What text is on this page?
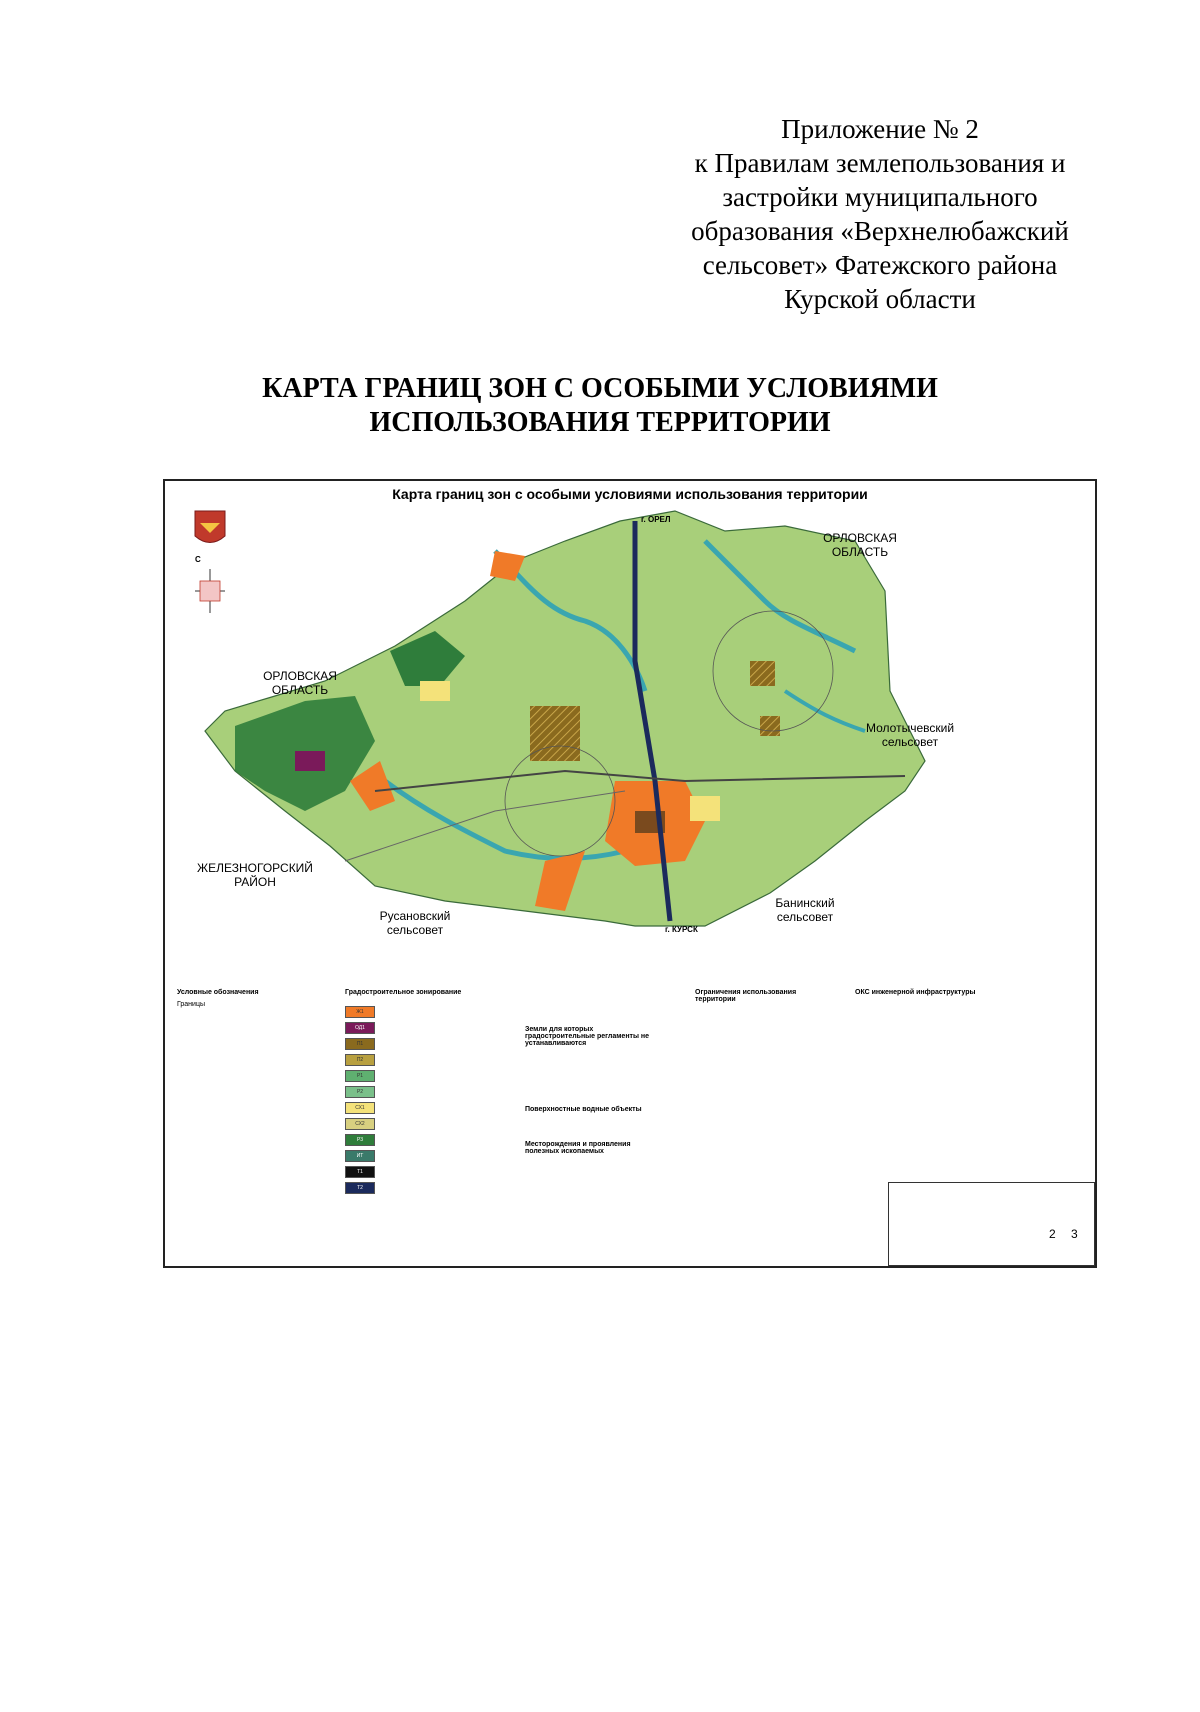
Приложение № 2
к Правилам землепользования и
застройки муниципального
образования «Верхнелюбажский
сельсовет» Фатежского района
Курской области
КАРТА ГРАНИЦ ЗОН С ОСОБЫМИ УСЛОВИЯМИ
ИСПОЛЬЗОВАНИЯ ТЕРРИТОРИИ
Карта границ зон с особыми условиями использования территории
С
г. ОРЕЛ
г. КУРСК
ОРЛОВСКАЯ
ОБЛАСТЬ
ОРЛОВСКАЯ
ОБЛАСТЬ
Молотычевский
сельсовет
ЖЕЛЕЗНОГОРСКИЙ
РАЙОН
Русановский
сельсовет
Банинский
сельсовет
Условные обозначения
Границы
Градостроительное зонирование
Земли для которых градостроительные регламенты не устанавливаются
Поверхностные водные объекты
Месторождения и проявления полезных ископаемых
Ограничения использования территории
ОКС инженерной инфраструктуры
Ж1
ОД1
П1
П2
Р1
Р2
СХ1
СХ2
Р3
ИТ
Т1
Т2
2 3
